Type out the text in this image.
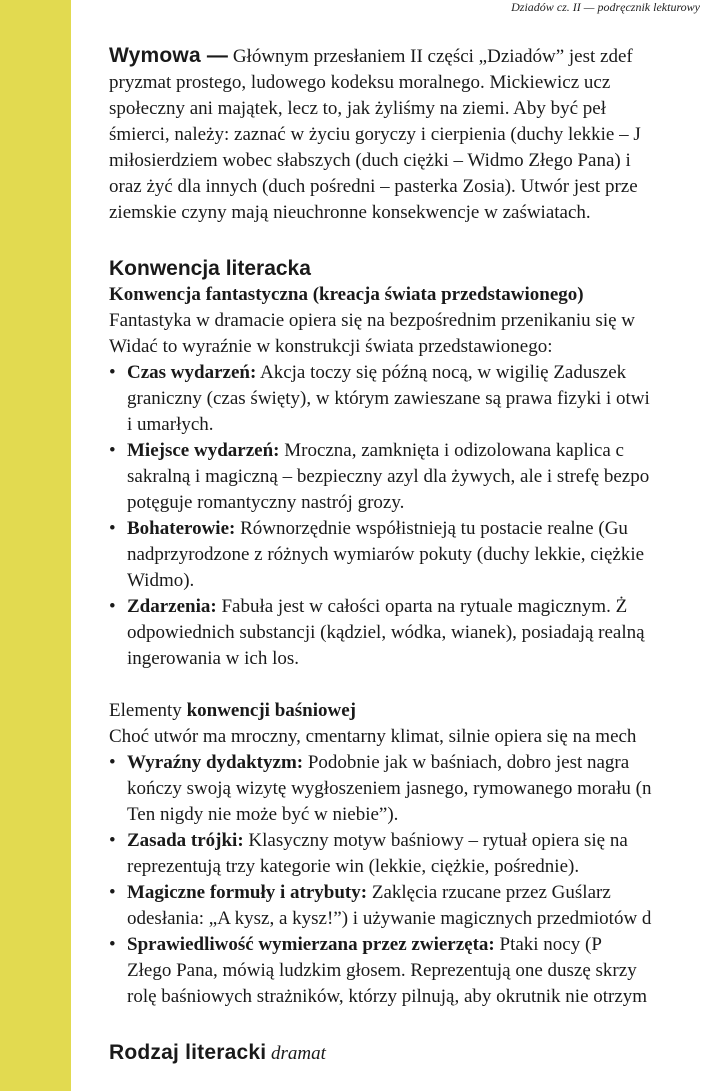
Dziadów cz. II — podręcznik lekturowy

Wymowa — Głównym przesłaniem II części „Dziadów” jest zdef

pryzmat prostego, ludowego kodeksu moralnego. Mickiewicz ucz

społeczny ani majątek, lecz to, jak żyliśmy na ziemi. Aby być peł

śmierci, należy: zaznać w życiu goryczy i cierpienia (duchy lekkie – J

miłosierdziem wobec słabszych (duch ciężki – Widmo Złego Pana) i

oraz żyć dla innych (duch pośredni – pasterka Zosia). Utwór jest prze

ziemskie czyny mają nieuchronne konsekwencje w zaświatach.

Konwencja literacka

Konwencja fantastyczna (kreacja świata przedstawionego)

Fantastyka w dramacie opiera się na bezpośrednim przenikaniu się w

Widać to wyraźnie w konstrukcji świata przedstawionego:

• Czas wydarzeń: Akcja toczy się późną nocą, w wigilię Zaduszek
graniczny (czas święty), w którym zawieszane są prawa fizyki i otwi
i umarłych.
• Miejsce wydarzeń: Mroczna, zamknięta i odizolowana kaplica c
sakralną i magiczną – bezpieczny azyl dla żywych, ale i strefę bezpo
potęguje romantyczny nastrój grozy.
• Bohaterowie: Równorzędnie współistnieją tu postacie realne (Gu
nadprzyrodzone z różnych wymiarów pokuty (duchy lekkie, ciężkie
Widmo).
• Zdarzenia: Fabuła jest w całości oparta na rytuale magicznym. Ż
odpowiednich substancji (kądziel, wódka, wianek), posiadają realną
ingerowania w ich los.

Elementy konwencji baśniowej

Choć utwór ma mroczny, cmentarny klimat, silnie opiera się na mech

• Wyraźny dydaktyzm: Podobnie jak w baśniach, dobro jest nagra
kończy swoją wizytę wygłoszeniem jasnego, rymowanego morału (n
Ten nigdy nie może być w niebie”).
• Zasada trójki: Klasyczny motyw baśniowy – rytuał opiera się na
reprezentują trzy kategorie win (lekkie, ciężkie, pośrednie).
• Magiczne formuły i atrybuty: Zaklęcia rzucane przez Guślarz
odesłania: „A kysz, a kysz!”) i używanie magicznych przedmiotów d
• Sprawiedliwość wymierzana przez zwierzęta: Ptaki nocy (P
Złego Pana, mówią ludzkim głosem. Reprezentują one duszę skrzy
rolę baśniowych strażników, którzy pilnują, aby okrutnik nie otrzym

Rodzaj literacki dramat
